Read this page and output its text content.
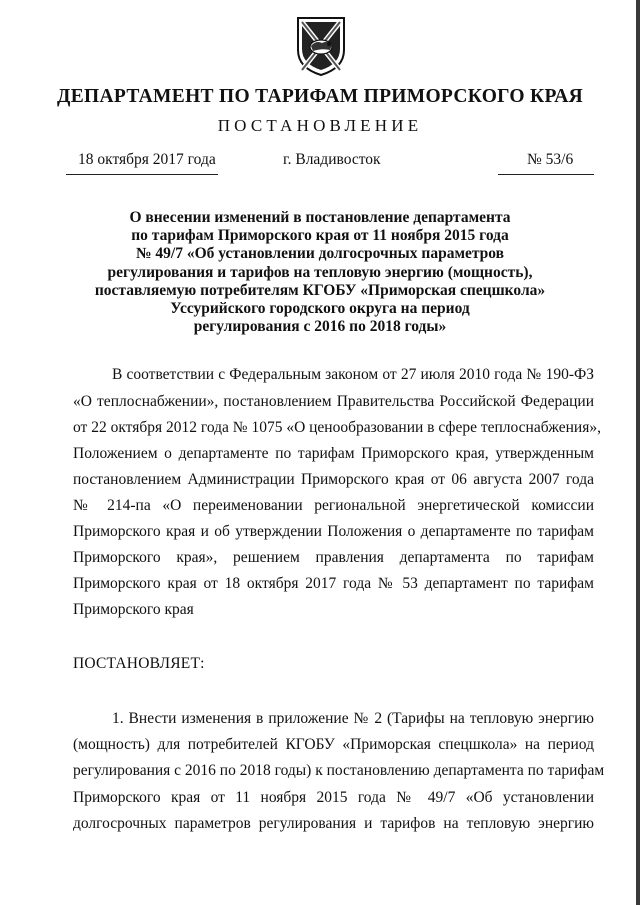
ДЕПАРТАМЕНТ ПО ТАРИФАМ ПРИМОРСКОГО КРАЯ
ПОСТАНОВЛЕНИЕ
18 октября 2017 года	г. Владивосток	№ 53/6
О внесении изменений в постановление департамента
по тарифам Приморского края от 11 ноября 2015 года
№ 49/7 «Об установлении долгосрочных параметров
регулирования и тарифов на тепловую энергию (мощность),
поставляемую потребителям КГОБУ «Приморская спецшкола»
Уссурийского городского округа на период
регулирования с 2016 по 2018 годы»
В соответствии с Федеральным законом от 27 июля 2010 года № 190-ФЗ
«О теплоснабжении», постановлением Правительства Российской Федерации
от 22 октября 2012 года № 1075 «О ценообразовании в сфере теплоснабжения»,
Положением о департаменте по тарифам Приморского края, утвержденным
постановлением Администрации Приморского края от 06 августа 2007 года
№ 214-па «О переименовании региональной энергетической комиссии
Приморского края и об утверждении Положения о департаменте по тарифам
Приморского края», решением правления департамента по тарифам
Приморского края от 18 октября 2017 года № 53 департамент по тарифам
Приморского края
ПОСТАНОВЛЯЕТ:
1. Внести изменения в приложение № 2 (Тарифы на тепловую энергию
(мощность) для потребителей КГОБУ «Приморская спецшкола» на период
регулирования с 2016 по 2018 годы) к постановлению департамента по тарифам
Приморского края от 11 ноября 2015 года № 49/7 «Об установлении
долгосрочных параметров регулирования и тарифов на тепловую энергию
